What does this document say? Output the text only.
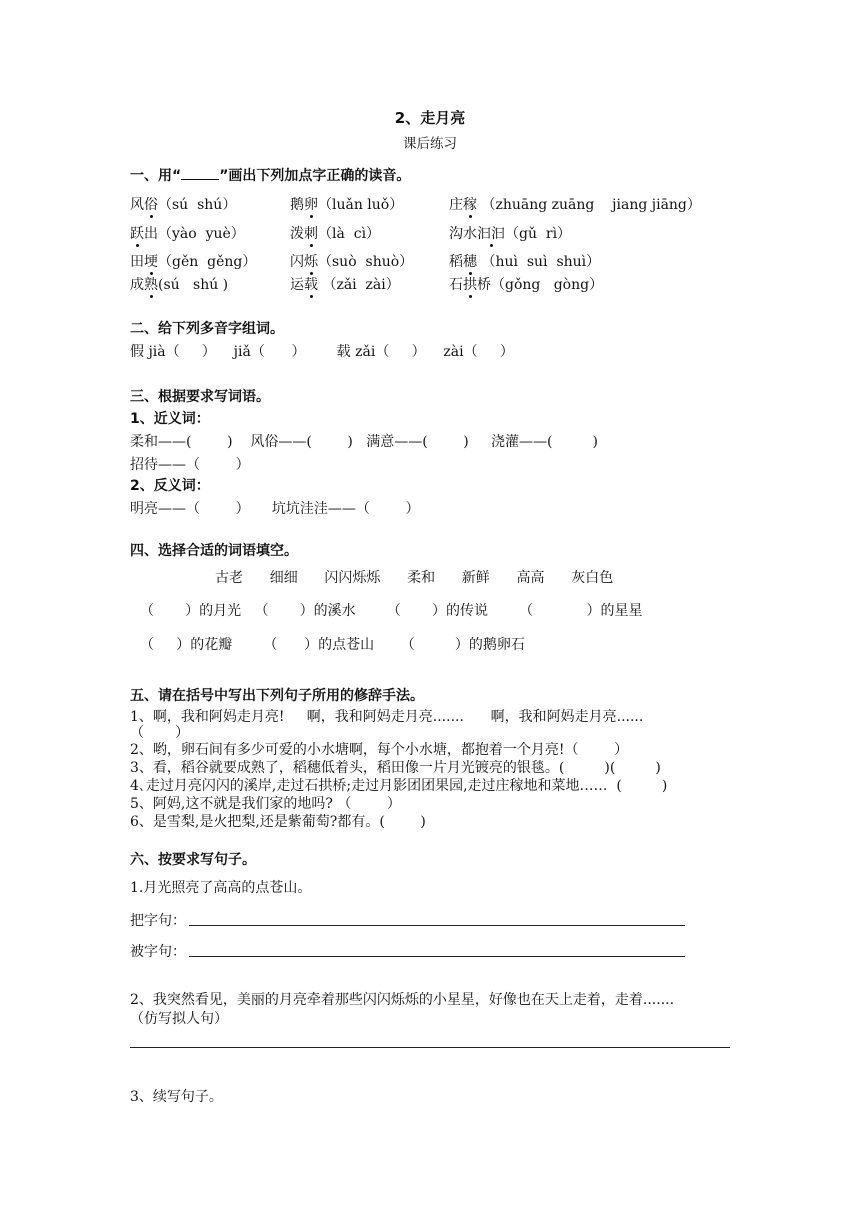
2、走月亮
课后练习
一、用“	”画出下列加点字正确的读音。
风俗（sú  shú）	鹅卵（luǎn luǒ）	庄稼 （zhuāng zuāng    jiang jiāng）
跃出（yào  yuè）	泼刺（là  cì）	沟水汩汩（gǔ  rì）
田埂（gěn  gěng） 闪烁（suò  shuò）	稻穗 （huì  suì  shuì）
成熟(sú   shú )	运载 （zǎi  zài）	石拱桥（gǒng   gòng）
二、给下列多音字组词。
假 jià（     ）    jiǎ（      ）       载 zǎi（     ）    zài（     ）
三、根据要求写词语。
1、近义词：
柔和——(        )    风俗——(        )   满意——(        )     浇灌——(         )
招待——（        ）
2、反义词：
明亮——（        ）     坑坑洼洼——（        ）
四、选择合适的词语填空。
古老      细细      闪闪烁烁      柔和      新鲜      高高      灰白色
（       ）的月光   （       ）的溪水       （       ）的传说       （            ）的星星
（     ）的花瓣       （      ）的点苍山      （         ）的鹅卵石
五、请在括号中写出下列句子所用的修辞手法。
1、啊，我和阿妈走月亮!     啊，我和阿妈走月亮.......      啊，我和阿妈走月亮......
（       ）
2、哟，卵石间有多少可爱的小水塘啊，每个小水塘，都抱着一个月亮!（        ）
3、看，稻谷就要成熟了，稻穗低着头，稻田像一片月光镀亮的银毯。(         )(         )
4､走过月亮闪闪的溪岸,走过石拱桥;走过月影团团果园,走过庄稼地和菜地……  (         )
5、阿妈,这不就是我们家的地吗? （        ）
6、是雪梨,是火把梨,还是紫葡萄?都有。(        )
六、按要求写句子。
1.月光照亮了高高的点苍山。
把字句：
被字句：
2、我突然看见，美丽的月亮牵着那些闪闪烁烁的小星星，好像也在天上走着，走着.......
（仿写拟人句）
3、续写句子。
